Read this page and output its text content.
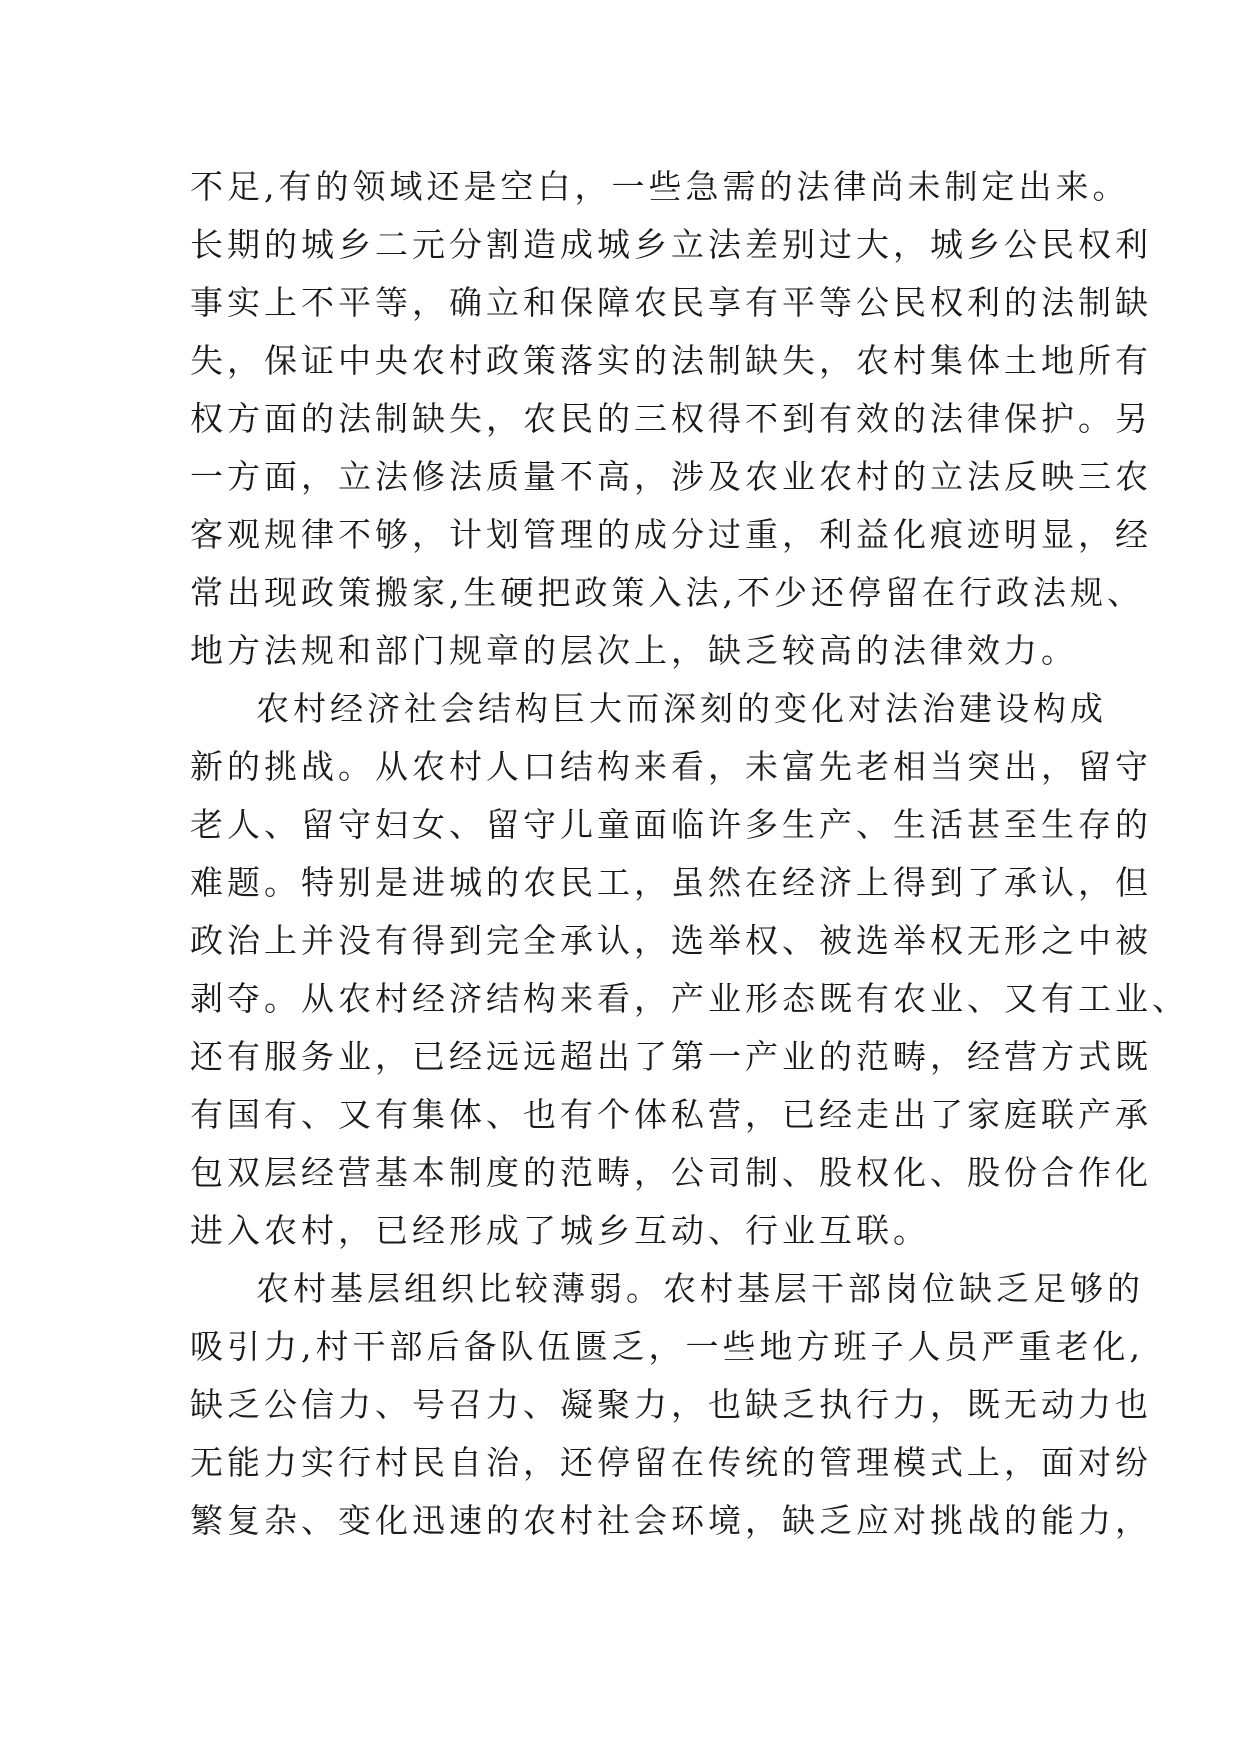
不足,有的领域还是空白，一些急需的法律尚未制定出来。
长期的城乡二元分割造成城乡立法差别过大，城乡公民权利
事实上不平等，确立和保障农民享有平等公民权利的法制缺
失，保证中央农村政策落实的法制缺失，农村集体土地所有
权方面的法制缺失，农民的三权得不到有效的法律保护。另
一方面，立法修法质量不高，涉及农业农村的立法反映三农
客观规律不够，计划管理的成分过重，利益化痕迹明显，经
常出现政策搬家,生硬把政策入法,不少还停留在行政法规、
地方法规和部门规章的层次上，缺乏较高的法律效力。
农村经济社会结构巨大而深刻的变化对法治建设构成
新的挑战。从农村人口结构来看，未富先老相当突出，留守
老人、留守妇女、留守儿童面临许多生产、生活甚至生存的
难题。特别是进城的农民工，虽然在经济上得到了承认，但
政治上并没有得到完全承认，选举权、被选举权无形之中被
剥夺。从农村经济结构来看，产业形态既有农业、又有工业、
还有服务业，已经远远超出了第一产业的范畴，经营方式既
有国有、又有集体、也有个体私营，已经走出了家庭联产承
包双层经营基本制度的范畴，公司制、股权化、股份合作化
进入农村，已经形成了城乡互动、行业互联。
农村基层组织比较薄弱。农村基层干部岗位缺乏足够的
吸引力,村干部后备队伍匮乏，一些地方班子人员严重老化,
缺乏公信力、号召力、凝聚力，也缺乏执行力，既无动力也
无能力实行村民自治，还停留在传统的管理模式上，面对纷
繁复杂、变化迅速的农村社会环境，缺乏应对挑战的能力，
